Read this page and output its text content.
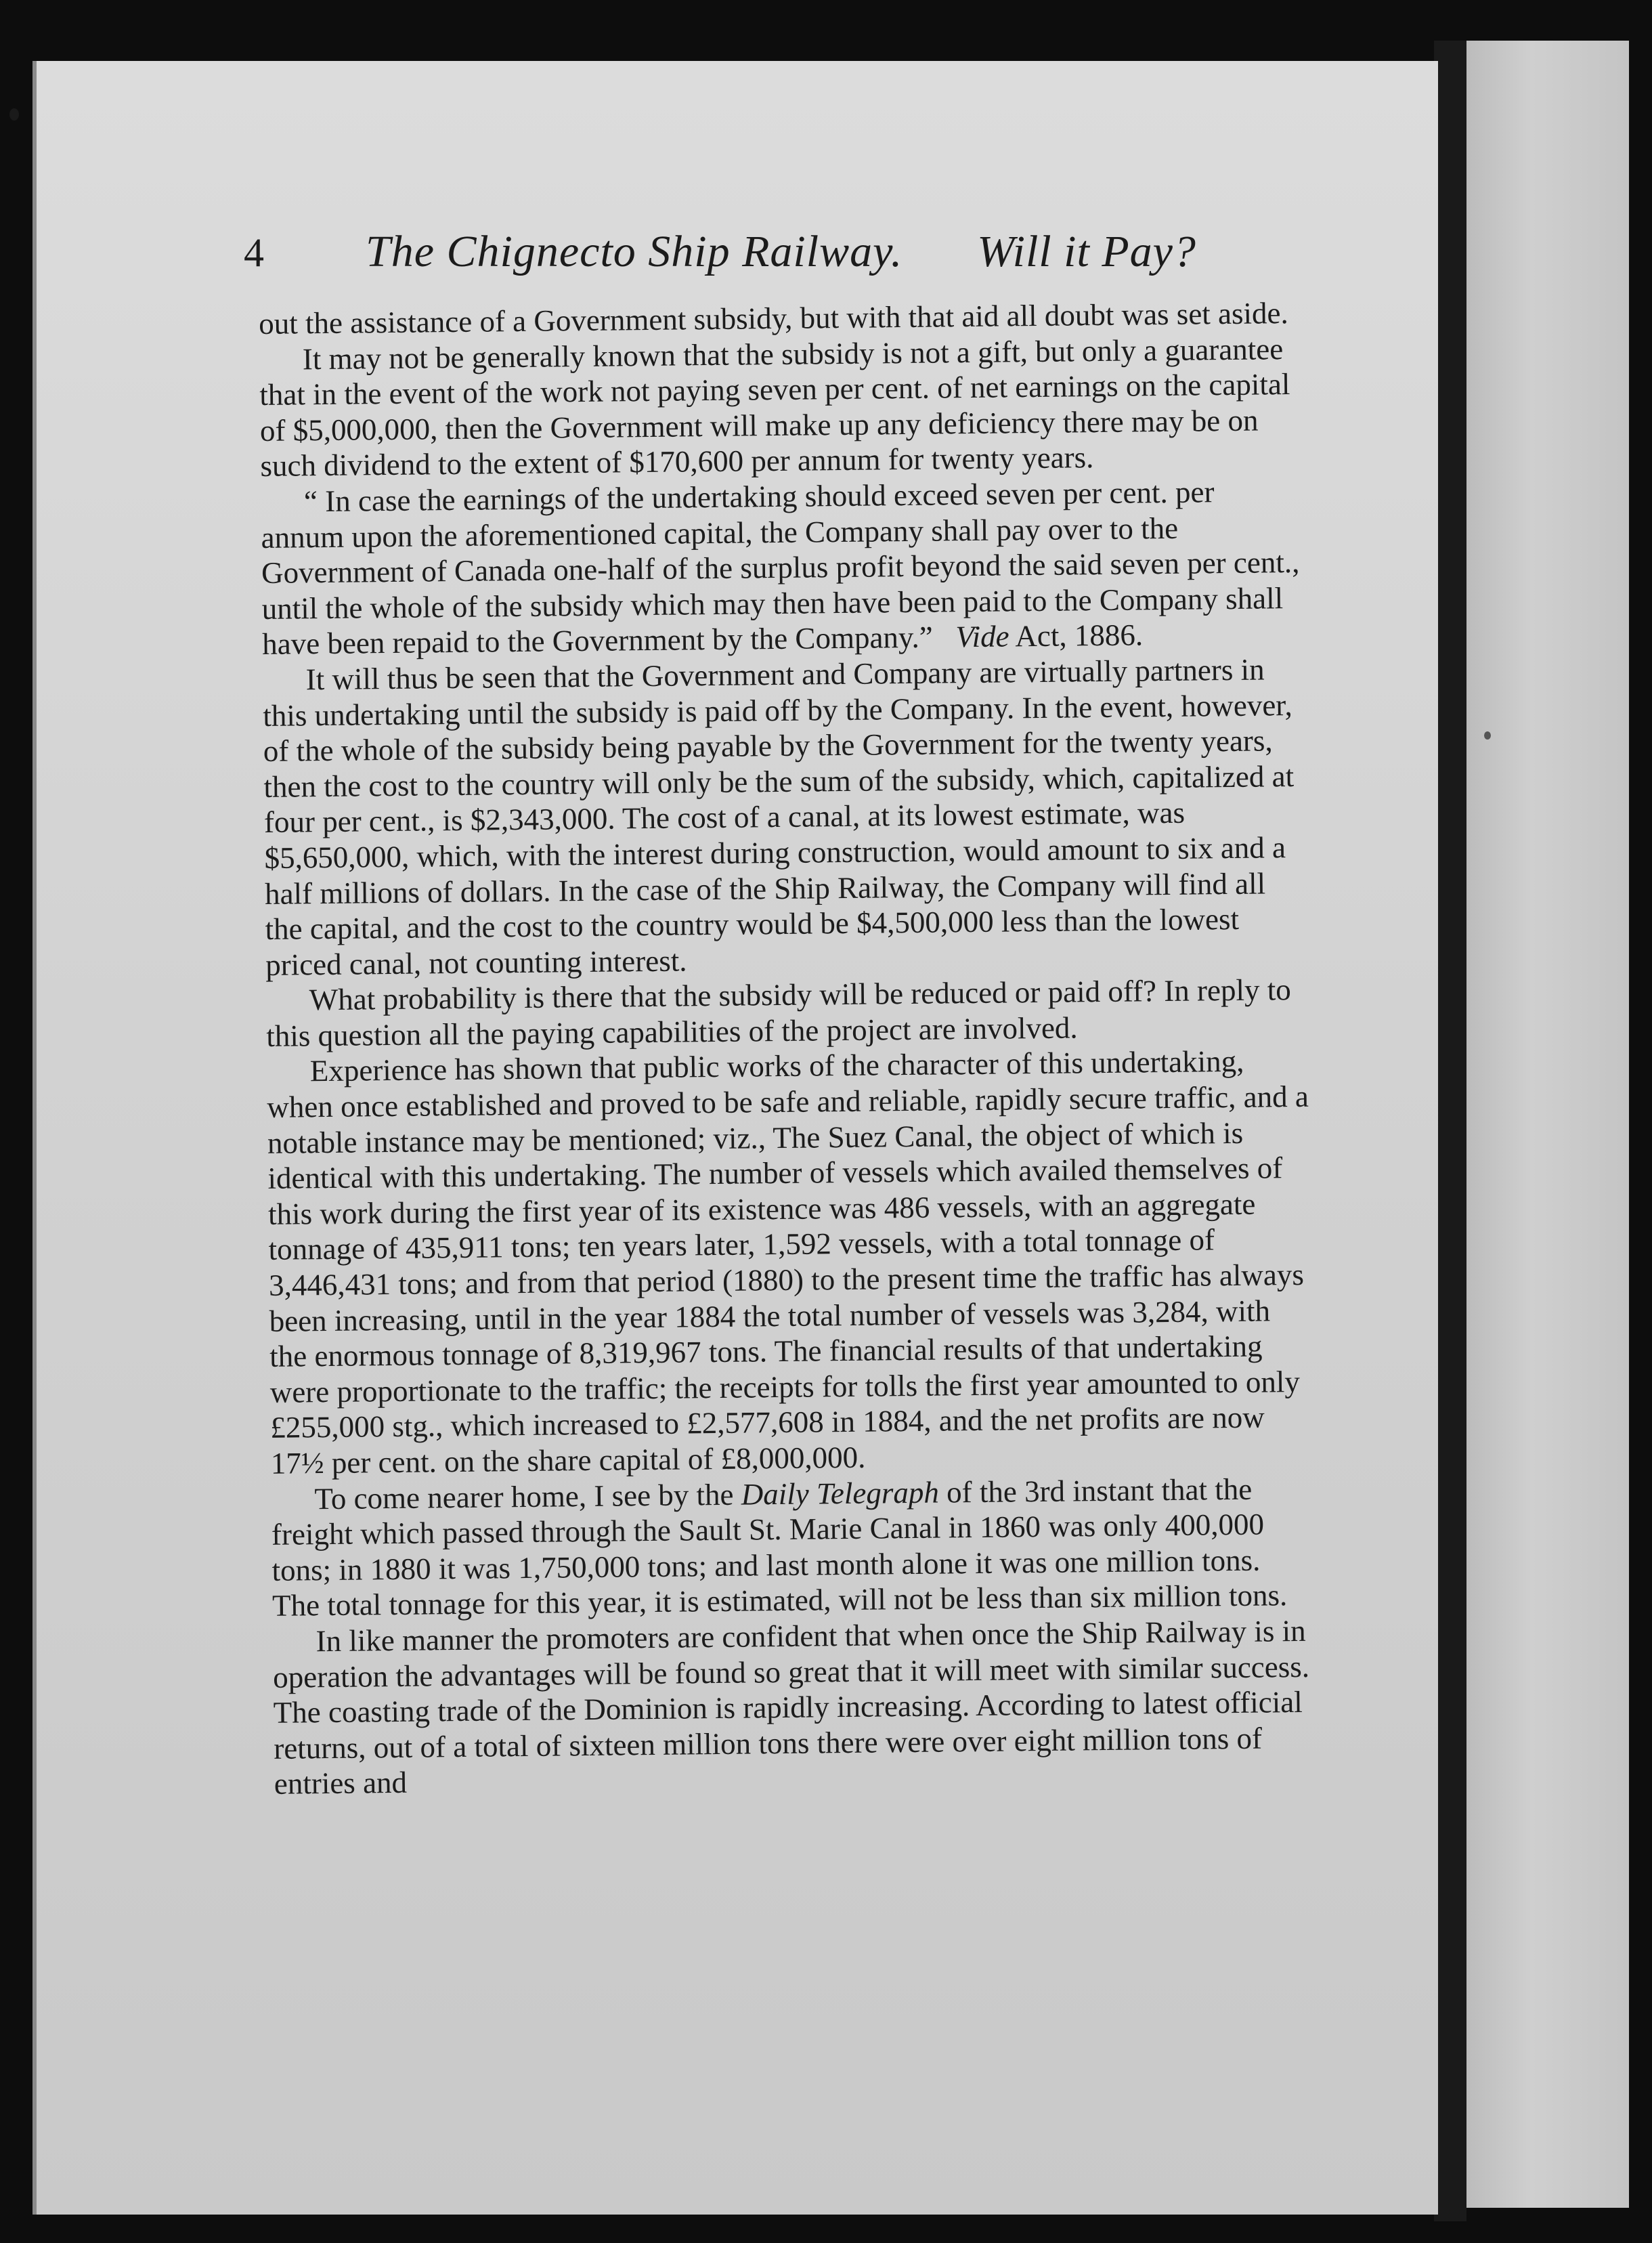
4 The Chignecto Ship Railway. Will it Pay?

out the assistance of a Government subsidy, but with that aid all doubt was set aside.

It may not be generally known that the subsidy is not a gift, but only a guarantee that in the event of the work not paying seven per cent. of net earnings on the capital of $5,000,000, then the Government will make up any deficiency there may be on such dividend to the extent of $170,600 per annum for twenty years.

“ In case the earnings of the undertaking should exceed seven per cent. per annum upon the aforementioned capital, the Company shall pay over to the Government of Canada one-half of the surplus profit beyond the said seven per cent., until the whole of the subsidy which may then have been paid to the Company shall have been repaid to the Government by the Company.” Vide Act, 1886.

It will thus be seen that the Government and Company are virtually partners in this undertaking until the subsidy is paid off by the Company. In the event, however, of the whole of the subsidy being payable by the Government for the twenty years, then the cost to the country will only be the sum of the subsidy, which, capitalized at four per cent., is $2,343,000. The cost of a canal, at its lowest estimate, was $5,650,000, which, with the interest during construction, would amount to six and a half millions of dollars. In the case of the Ship Railway, the Company will find all the capital, and the cost to the country would be $4,500,000 less than the lowest priced canal, not counting interest.

What probability is there that the subsidy will be reduced or paid off? In reply to this question all the paying capabilities of the project are involved.

Experience has shown that public works of the character of this undertaking, when once established and proved to be safe and reliable, rapidly secure traffic, and a notable instance may be mentioned; viz., The Suez Canal, the object of which is identical with this undertaking. The number of vessels which availed themselves of this work during the first year of its existence was 486 vessels, with an aggregate tonnage of 435,911 tons; ten years later, 1,592 vessels, with a total tonnage of 3,446,431 tons; and from that period (1880) to the present time the traffic has always been increasing, until in the year 1884 the total number of vessels was 3,284, with the enormous tonnage of 8,319,967 tons. The financial results of that undertaking were proportionate to the traffic; the receipts for tolls the first year amounted to only £255,000 stg., which increased to £2,577,608 in 1884, and the net profits are now 17½ per cent. on the share capital of £8,000,000.

To come nearer home, I see by the Daily Telegraph of the 3rd instant that the freight which passed through the Sault St. Marie Canal in 1860 was only 400,000 tons; in 1880 it was 1,750,000 tons; and last month alone it was one million tons. The total tonnage for this year, it is estimated, will not be less than six million tons.

In like manner the promoters are confident that when once the Ship Railway is in operation the advantages will be found so great that it will meet with similar success. The coasting trade of the Dominion is rapidly increasing. According to latest official returns, out of a total of sixteen million tons there were over eight million tons of entries and
